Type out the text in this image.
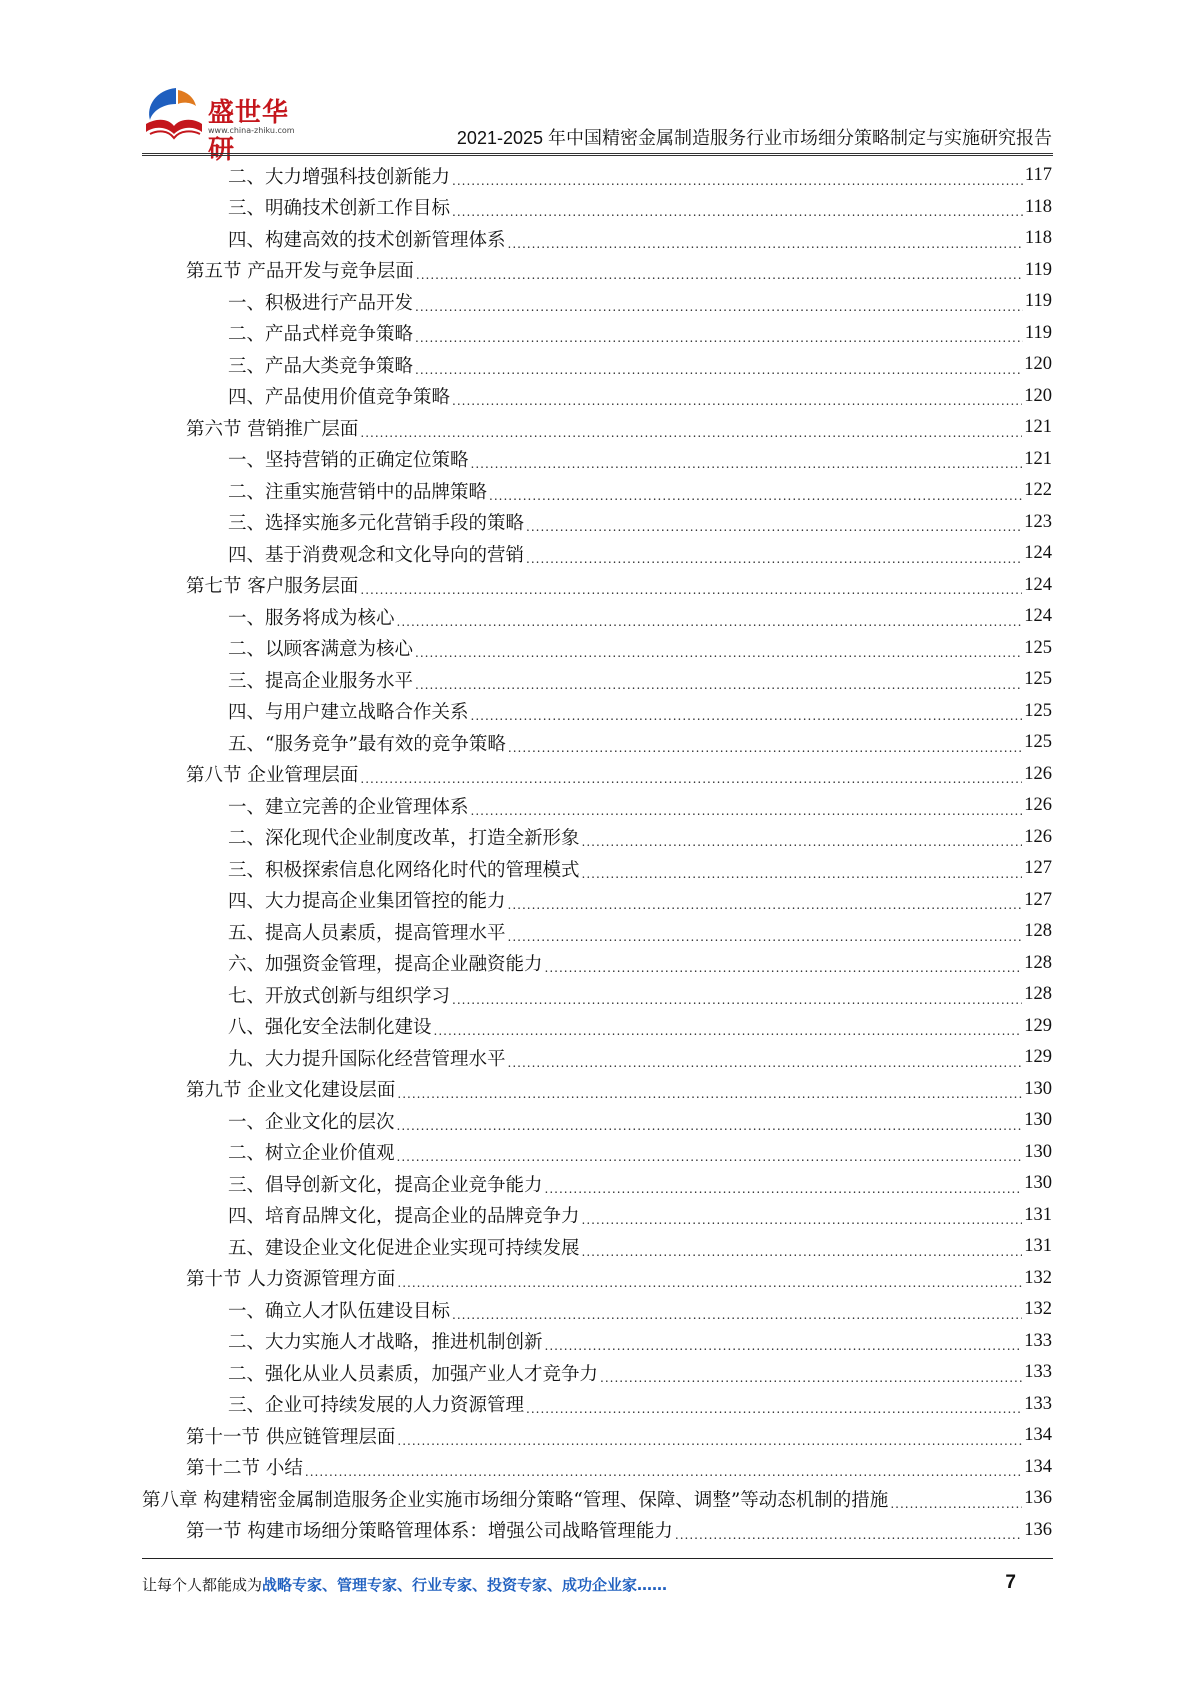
盛世华研
www.china-zhiku.com	2021-2025 年中国精密金属制造服务行业市场细分策略制定与实施研究报告
二、大力增强科技创新能力 .....	117
三、明确技术创新工作目标 .....	118
四、构建高效的技术创新管理体系 .....	118
第五节 产品开发与竞争层面 .....	119
一、积极进行产品开发 .....	119
二、产品式样竞争策略 .....	119
三、产品大类竞争策略 .....	120
四、产品使用价值竞争策略 .....	120
第六节 营销推广层面 .....	121
一、坚持营销的正确定位策略 .....	121
二、注重实施营销中的品牌策略 .....	122
三、选择实施多元化营销手段的策略 .....	123
四、基于消费观念和文化导向的营销 .....	124
第七节 客户服务层面 .....	124
一、服务将成为核心 .....	124
二、以顾客满意为核心 .....	125
三、提高企业服务水平 .....	125
四、与用户建立战略合作关系 .....	125
五、“服务竞争”最有效的竞争策略 .....	125
第八节 企业管理层面 .....	126
一、建立完善的企业管理体系 .....	126
二、深化现代企业制度改革，打造全新形象 .....	126
三、积极探索信息化网络化时代的管理模式 .....	127
四、大力提高企业集团管控的能力 .....	127
五、提高人员素质，提高管理水平 .....	128
六、加强资金管理，提高企业融资能力 .....	128
七、开放式创新与组织学习 .....	128
八、强化安全法制化建设 .....	129
九、大力提升国际化经营管理水平 .....	129
第九节 企业文化建设层面 .....	130
一、企业文化的层次 .....	130
二、树立企业价值观 .....	130
三、倡导创新文化，提高企业竞争能力 .....	130
四、培育品牌文化，提高企业的品牌竞争力 .....	131
五、建设企业文化促进企业实现可持续发展 .....	131
第十节 人力资源管理方面 .....	132
一、确立人才队伍建设目标 .....	132
二、大力实施人才战略，推进机制创新 .....	133
二、强化从业人员素质，加强产业人才竞争力 .....	133
三、企业可持续发展的人力资源管理 .....	133
第十一节 供应链管理层面 .....	134
第十二节 小结 .....	134
第八章 构建精密金属制造服务企业实施市场细分策略“管理、保障、调整”等动态机制的措施 .....	136
第一节 构建市场细分策略管理体系：增强公司战略管理能力 .....	136
让每个人都能成为战略专家、管理专家、行业专家、投资专家、成功企业家……	7
